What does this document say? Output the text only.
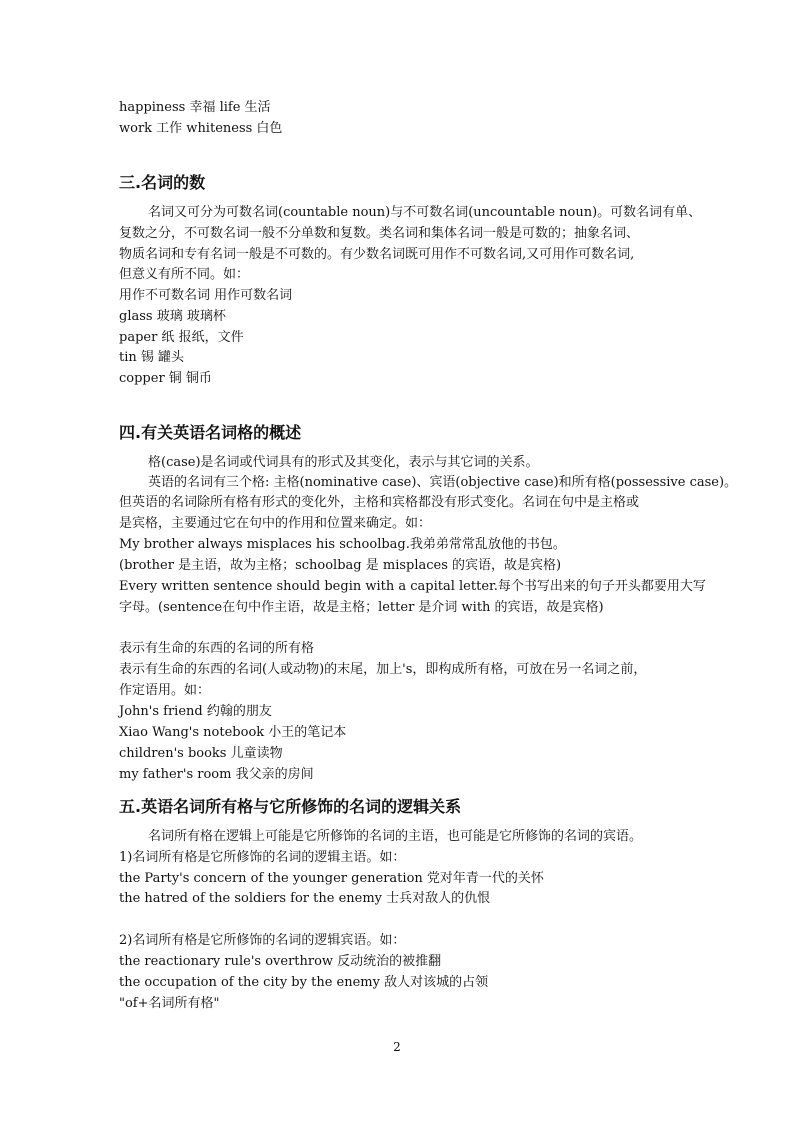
happiness 幸福 life 生活
work 工作 whiteness 白色
三.名词的数
名词又可分为可数名词(countable noun)与不可数名词(uncountable noun)。可数名词有单、
复数之分，不可数名词一般不分单数和复数。类名词和集体名词一般是可数的；抽象名词、
物质名词和专有名词一般是不可数的。有少数名词既可用作不可数名词,又可用作可数名词,
但意义有所不同。如：
用作不可数名词 用作可数名词
glass 玻璃 玻璃杯
paper 纸 报纸，文件
tin 锡 罐头
copper 铜 铜币
四.有关英语名词格的概述
格(case)是名词或代词具有的形式及其变化，表示与其它词的关系。
英语的名词有三个格: 主格(nominative case)、宾语(objective case)和所有格(possessive case)。
但英语的名词除所有格有形式的变化外，主格和宾格都没有形式变化。名词在句中是主格或
是宾格，主要通过它在句中的作用和位置来确定。如：
My brother always misplaces his schoolbag.我弟弟常常乱放他的书包。
(brother 是主语，故为主格；schoolbag 是 misplaces 的宾语，故是宾格)
Every written sentence should begin with a capital letter.每个书写出来的句子开头都要用大写
字母。(sentence在句中作主语，故是主格；letter 是介词 with 的宾语，故是宾格)
表示有生命的东西的名词的所有格
表示有生命的东西的名词(人或动物)的末尾，加上's，即构成所有格，可放在另一名词之前，
作定语用。如：
John's friend 约翰的朋友
Xiao Wang's notebook 小王的笔记本
children's books 儿童读物
my father's room 我父亲的房间
五.英语名词所有格与它所修饰的名词的逻辑关系
名词所有格在逻辑上可能是它所修饰的名词的主语，也可能是它所修饰的名词的宾语。
1)名词所有格是它所修饰的名词的逻辑主语。如：
the Party's concern of the younger generation 党对年青一代的关怀
the hatred of the soldiers for the enemy 士兵对敌人的仇恨
2)名词所有格是它所修饰的名词的逻辑宾语。如：
the reactionary rule's overthrow 反动统治的被推翻
the occupation of the city by the enemy 敌人对该城的占领
"of+名词所有格"
2
